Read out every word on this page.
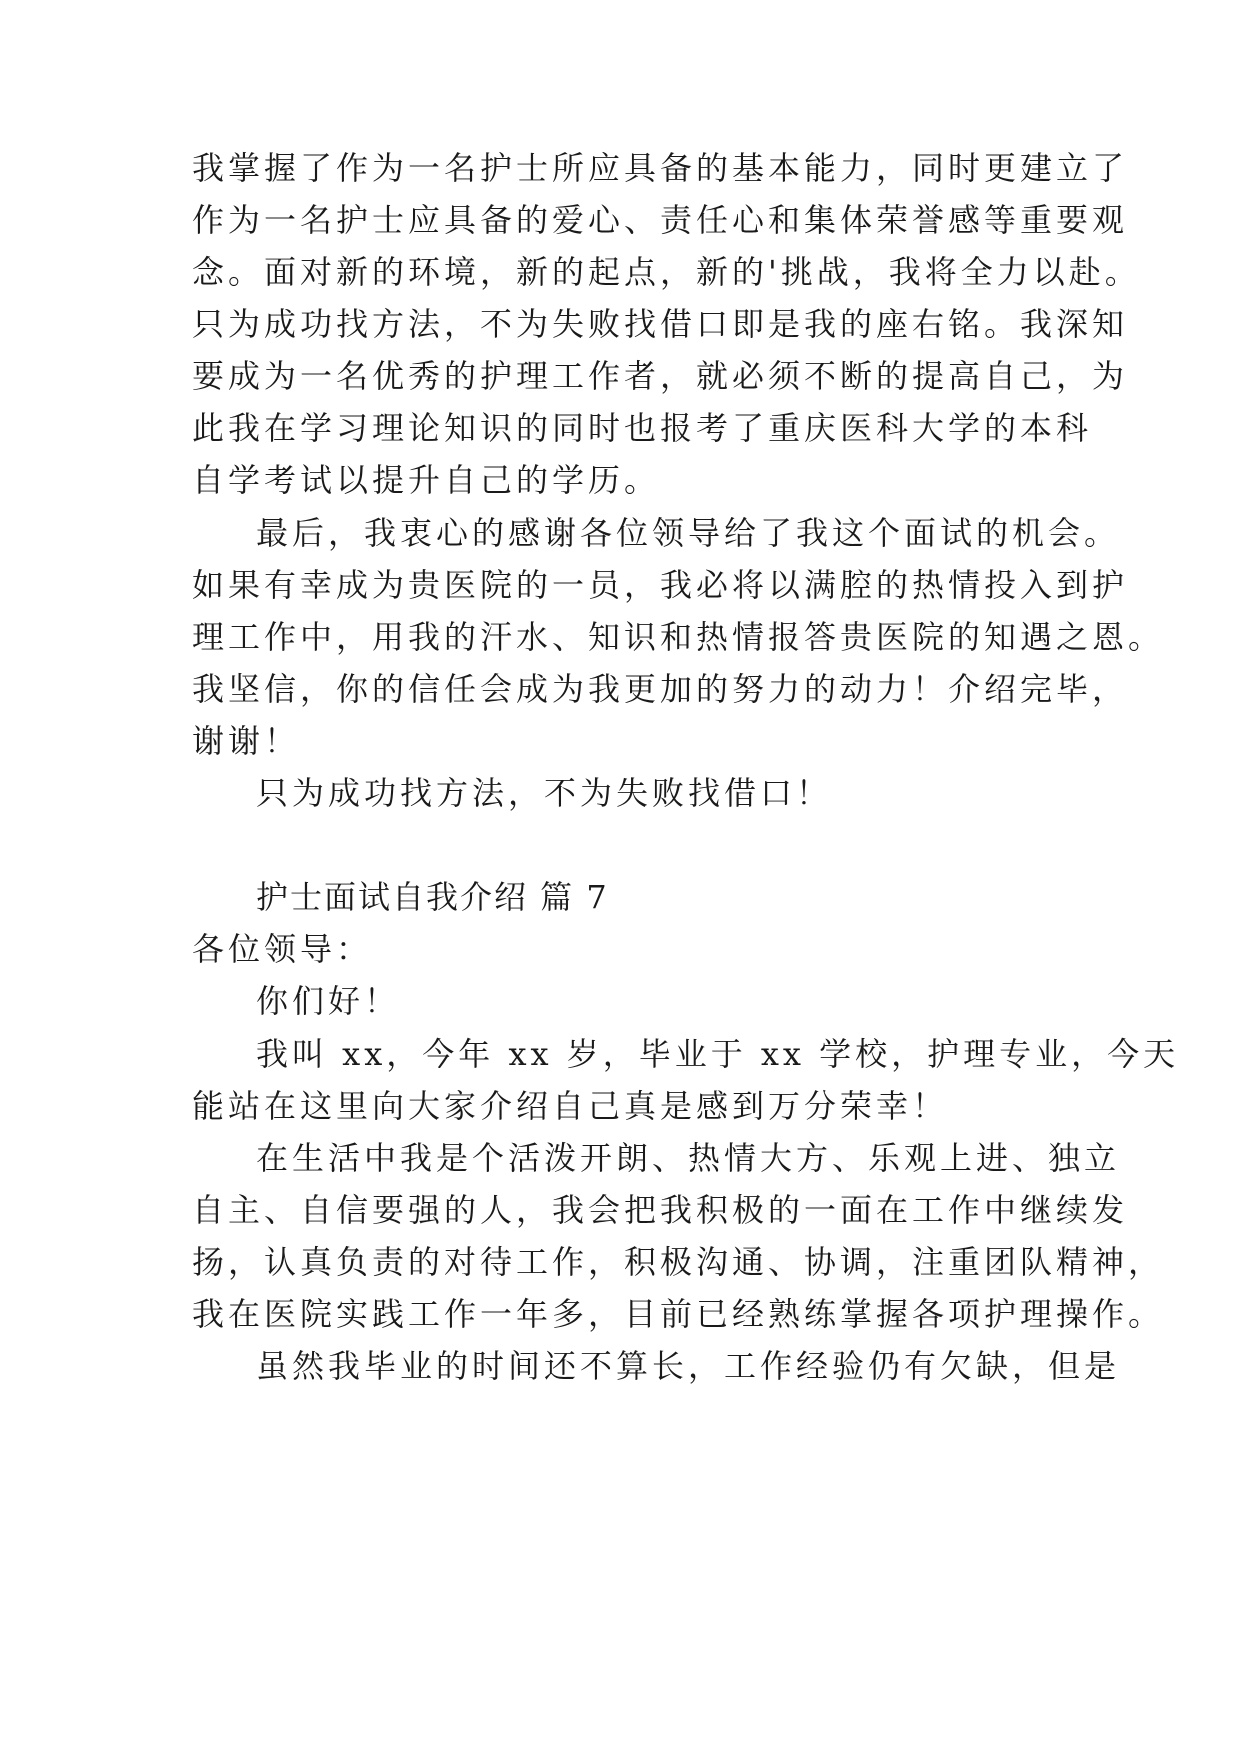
我掌握了作为一名护士所应具备的基本能力，同时更建立了
作为一名护士应具备的爱心、责任心和集体荣誉感等重要观
念。面对新的环境，新的起点，新的'挑战，我将全力以赴。
只为成功找方法，不为失败找借口即是我的座右铭。我深知
要成为一名优秀的护理工作者，就必须不断的提高自己，为
此我在学习理论知识的同时也报考了重庆医科大学的本科
自学考试以提升自己的学历。
最后，我衷心的感谢各位领导给了我这个面试的机会。
如果有幸成为贵医院的一员，我必将以满腔的热情投入到护
理工作中，用我的汗水、知识和热情报答贵医院的知遇之恩。
我坚信，你的信任会成为我更加的努力的动力！介绍完毕，
谢谢！
只为成功找方法，不为失败找借口！
护士面试自我介绍 篇 7
各位领导：
你们好！
我叫 xx，今年 xx 岁，毕业于 xx 学校，护理专业，今天
能站在这里向大家介绍自己真是感到万分荣幸！
在生活中我是个活泼开朗、热情大方、乐观上进、独立
自主、自信要强的人，我会把我积极的一面在工作中继续发
扬，认真负责的对待工作，积极沟通、协调，注重团队精神，
我在医院实践工作一年多，目前已经熟练掌握各项护理操作。
虽然我毕业的时间还不算长，工作经验仍有欠缺，但是
